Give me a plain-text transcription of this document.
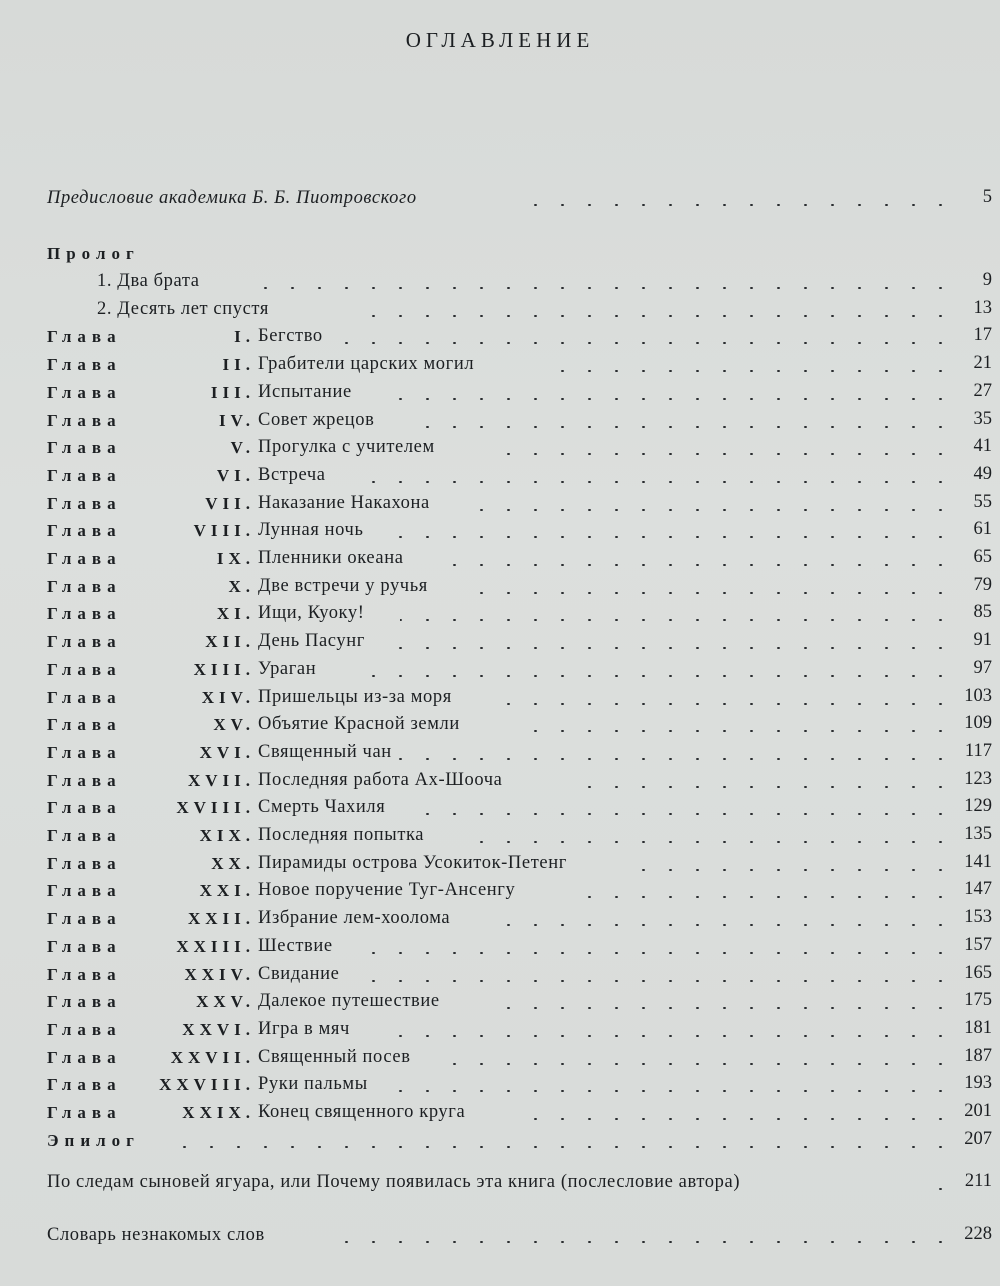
ОГЛАВЛЕНИЕ
Предисловие академика Б. Б. Пиотровского	5
Пролог
1. Два брата	9
2. Десять лет спустя	13
Глава	I. Бегство	17
Глава	II. Грабители царских могил	21
Глава	III. Испытание	27
Глава	IV. Совет жрецов	35
Глава	V. Прогулка с учителем	41
Глава	VI. Встреча	49
Глава	VII. Наказание Накахона	55
Глава	VIII. Лунная ночь	61
Глава	IX. Пленники океана	65
Глава	X. Две встречи у ручья	79
Глава	XI. Ищи, Куоку!	85
Глава	XII. День Пасунг	91
Глава	XIII. Ураган	97
Глава	XIV. Пришельцы из-за моря	103
Глава	XV. Объятие Красной земли	109
Глава	XVI. Священный чан	117
Глава	XVII. Последняя работа Ах-Шооча	123
Глава	XVIII. Смерть Чахиля	129
Глава	XIX. Последняя попытка	135
Глава	XX. Пирамиды острова Усокиток-Петенг	141
Глава	XXI. Новое поручение Туг-Ансенгу	147
Глава	XXII. Избрание лем-хоолома	153
Глава	XXIII. Шествие	157
Глава	XXIV. Свидание	165
Глава	XXV. Далекое путешествие	175
Глава	XXVI. Игра в мяч	181
Глава	XXVII. Священный посев	187
Глава	XXVIII. Руки пальмы	193
Глава	XXIX. Конец священного круга	201
Эпилог	207
По следам сыновей ягуара, или Почему появилась эта книга (послесловие автора)	211
Словарь незнакомых слов	228
